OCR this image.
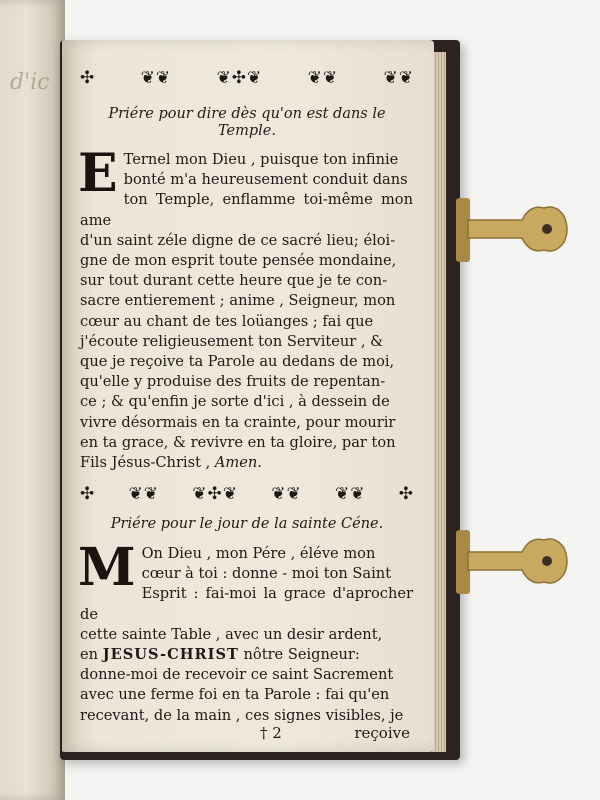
d'ic ✣	❦❦	❦✣❦	❦❦	❦❦
Priére pour dire dès qu'on est dans le Temple.
E Ternel mon Dieu , puisque ton infinie
bonté m'a heureusement conduit dans
ton Temple, enflamme toi-même mon ame
d'un saint zéle digne de ce sacré lieu; éloi-
gne de mon esprit toute pensée mondaine,
sur tout durant cette heure que je te con-
sacre entierement ; anime , Seigneur, mon
cœur au chant de tes loüanges ; fai que
j'écoute religieusement ton Serviteur , &
que je reçoive ta Parole au dedans de moi,
qu'elle y produise des fruits de repentan-
ce ; & qu'enfin je sorte d'ici , à dessein de
vivre désormais en ta crainte, pour mourir
en ta grace, & revivre en ta gloire, par ton
Fils Jésus-Christ , Amen.
✣ ❦❦ ❦✣❦ ❦❦ ❦❦ ✣
Priére pour le jour de la sainte Céne.
M On Dieu , mon Pére , éléve mon
cœur à toi : donne - moi ton Saint
Esprit : fai-moi la grace d'aprocher de
cette sainte Table , avec un desir ardent,
en JESUS-CHRIST nôtre Seigneur:
donne-moi de recevoir ce saint Sacrement
avec une ferme foi en ta Parole : fai qu'en
recevant, de la main , ces signes visibles, je
† 2	reçoive
